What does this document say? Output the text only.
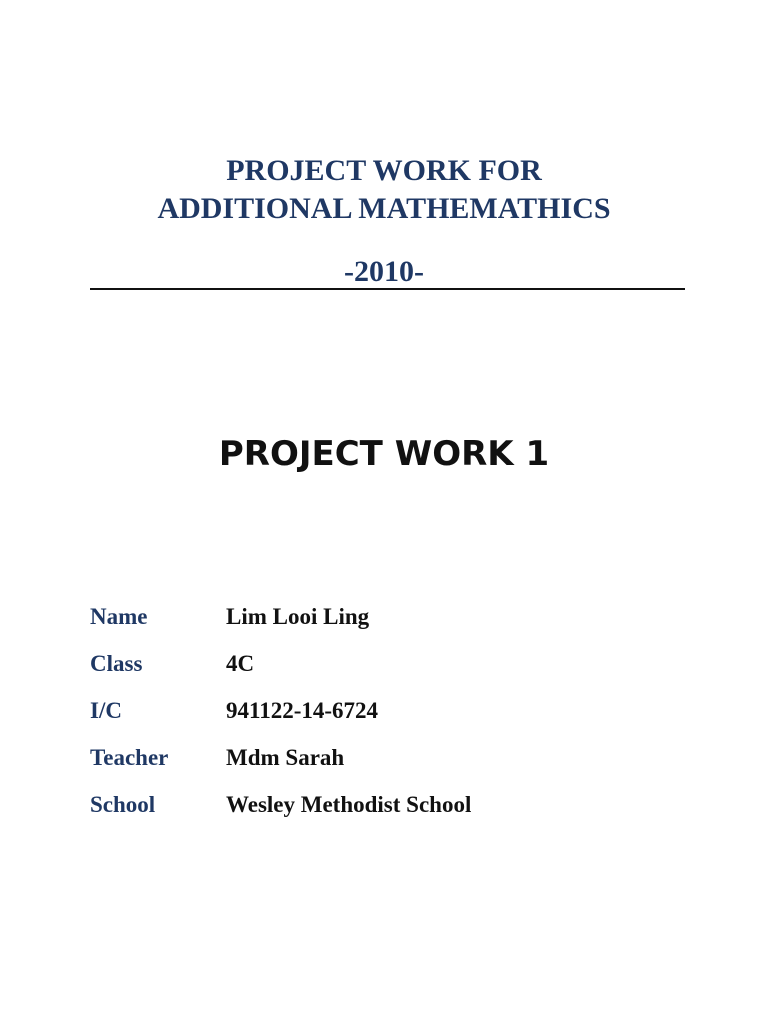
PROJECT WORK FOR
ADDITIONAL MATHEMATHICS
-2010-
PROJECT WORK 1
Name	Lim Looi Ling
Class	4C
I/C	941122-14-6724
Teacher	Mdm Sarah
School	Wesley Methodist School
